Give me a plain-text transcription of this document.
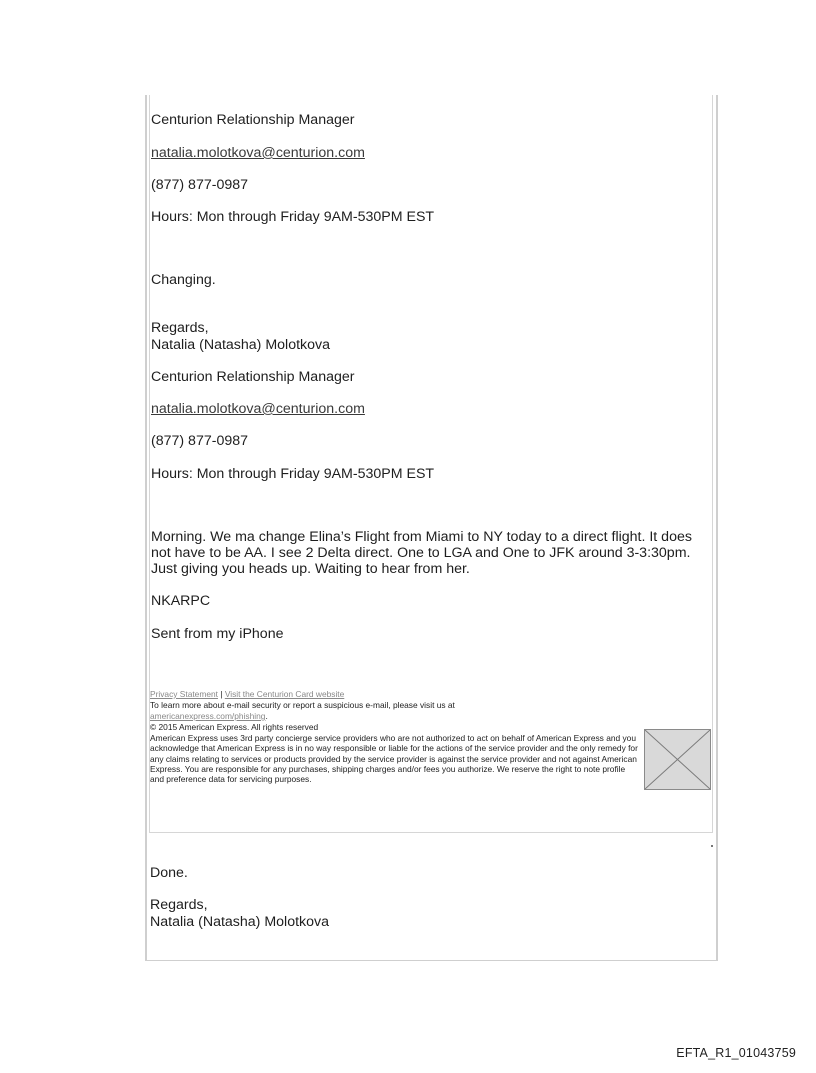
Centurion Relationship Manager
natalia.molotkova@centurion.com
(877) 877-0987
Hours: Mon through Friday 9AM-530PM EST
Changing.
Regards,
Natalia (Natasha) Molotkova
Centurion Relationship Manager
natalia.molotkova@centurion.com
(877) 877-0987
Hours: Mon through Friday 9AM-530PM EST
Morning. We ma change Elina’s Flight from Miami to NY today to a direct flight. It does
not have to be AA. I see 2 Delta direct. One to LGA and One to JFK around 3-3:30pm.
Just giving you heads up. Waiting to hear from her.
NKARPC
Sent from my iPhone
Privacy Statement | Visit the Centurion Card website
To learn more about e-mail security or report a suspicious e-mail, please visit us at
americanexpress.com/phishing.
© 2015 American Express. All rights reserved
American Express uses 3rd party concierge service providers who are not authorized to act on behalf of American Express and you acknowledge that American Express is in no way responsible or liable for the actions of the service provider and the only remedy for any claims relating to services or products provided by the service provider is against the service provider and not against American Express. You are responsible for any purchases, shipping charges and/or fees you authorize. We reserve the right to note profile and preference data for servicing purposes.
Done.
Regards,
Natalia (Natasha) Molotkova
EFTA_R1_01043759
